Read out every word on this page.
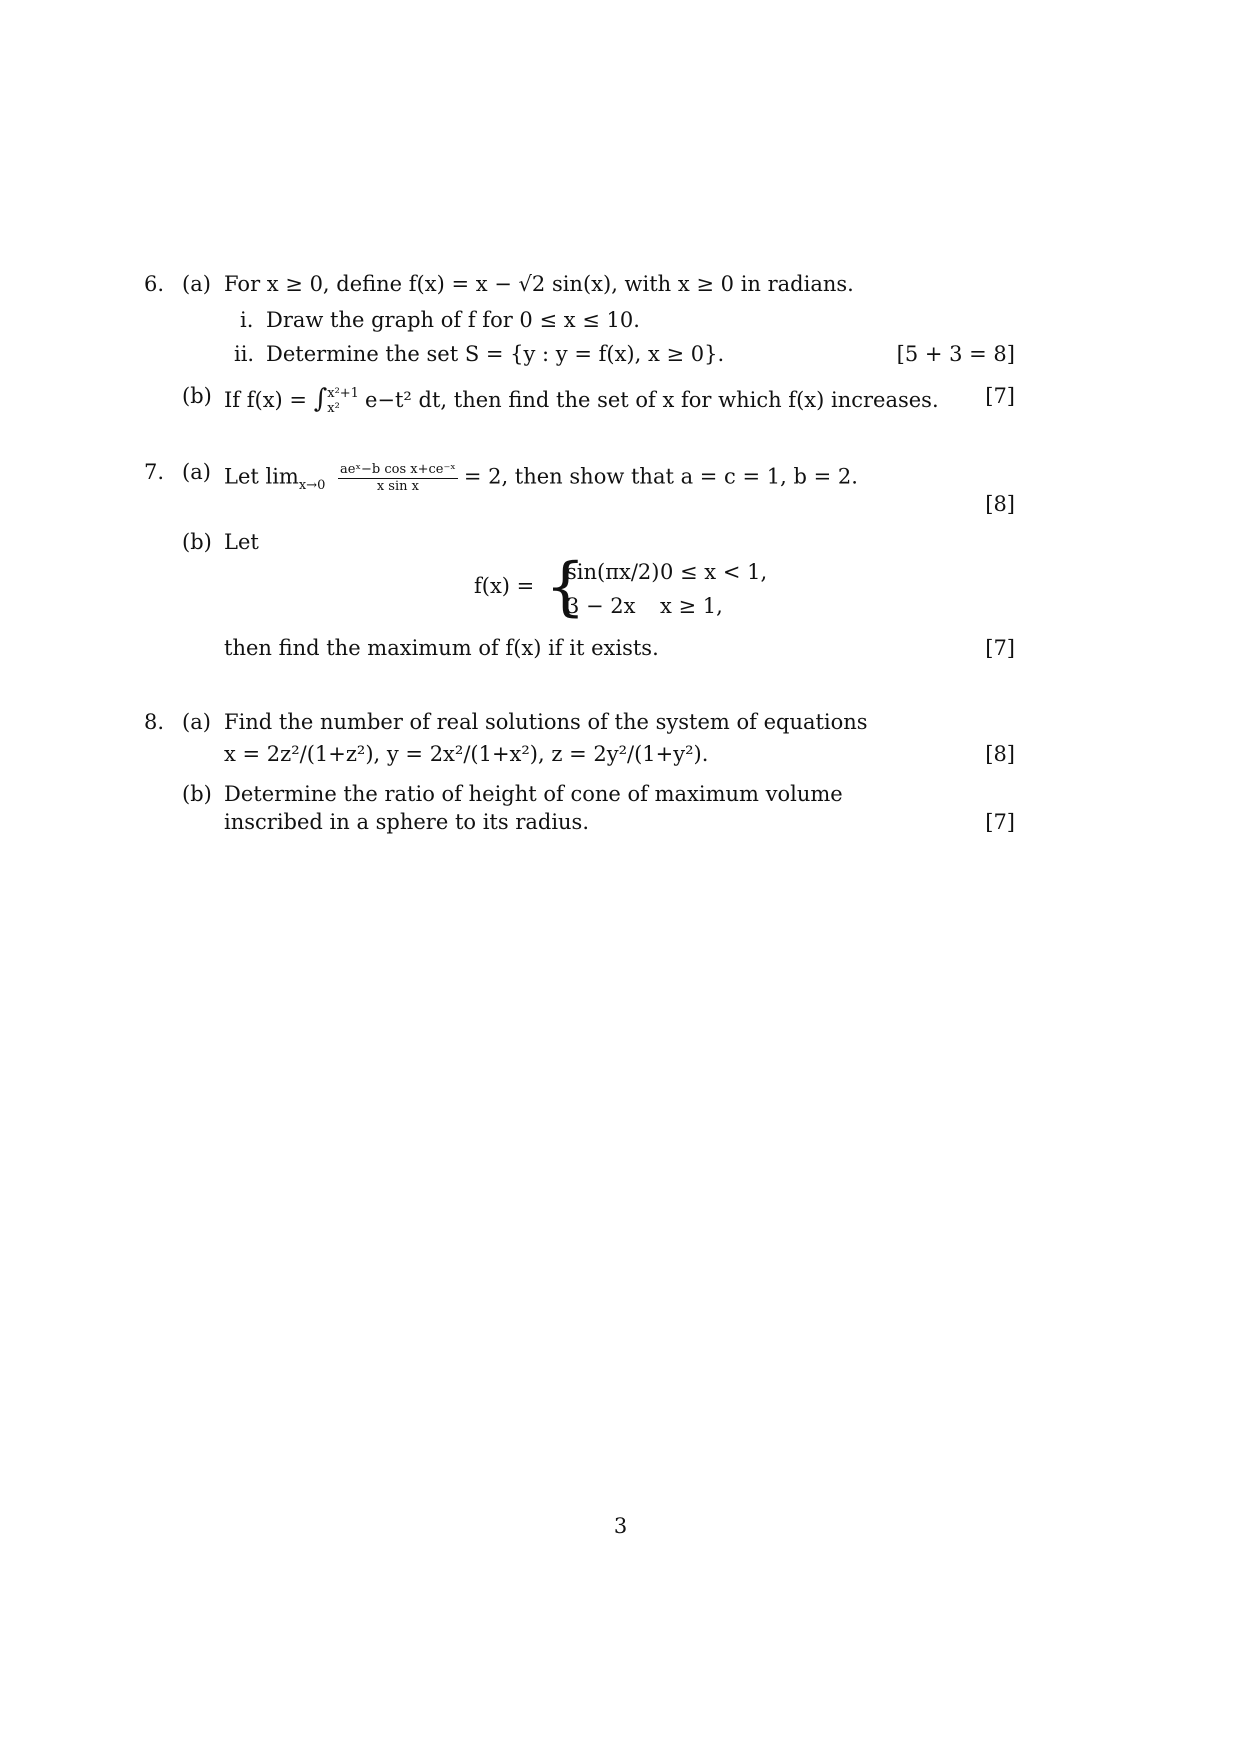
6. (a) For x ≥ 0, define f(x) = x − √2 sin(x), with x ≥ 0 in radians.
i. Draw the graph of f for 0 ≤ x ≤ 10.
ii. Determine the set S = {y : y = f(x), x ≥ 0}.	[5 + 3 = 8]
(b) If f(x) = ∫ x²+1
x²	e−t² dt, then find the set of x for which f(x) increases. [7]
7. (a) Let $\lim_{x\to 0}$
aeˣ−b cos x+ce⁻ˣ
x sin x	= 2, then show that a = c = 1, b = 2.
[8]
(b) Let
f(x) = {
sin(πx/2) 0 ≤ x < 1,
3 − 2x x ≥ 1,
then find the maximum of f(x) if it exists.	[7]
8. (a) Find the number of real solutions of the system of equations
x = 2z²/(1+z²), y = 2x²/(1+x²), z = 2y²/(1+y²).	[8]
(b) Determine the ratio of height of cone of maximum volume
inscribed in a sphere to its radius.	[7]
3
